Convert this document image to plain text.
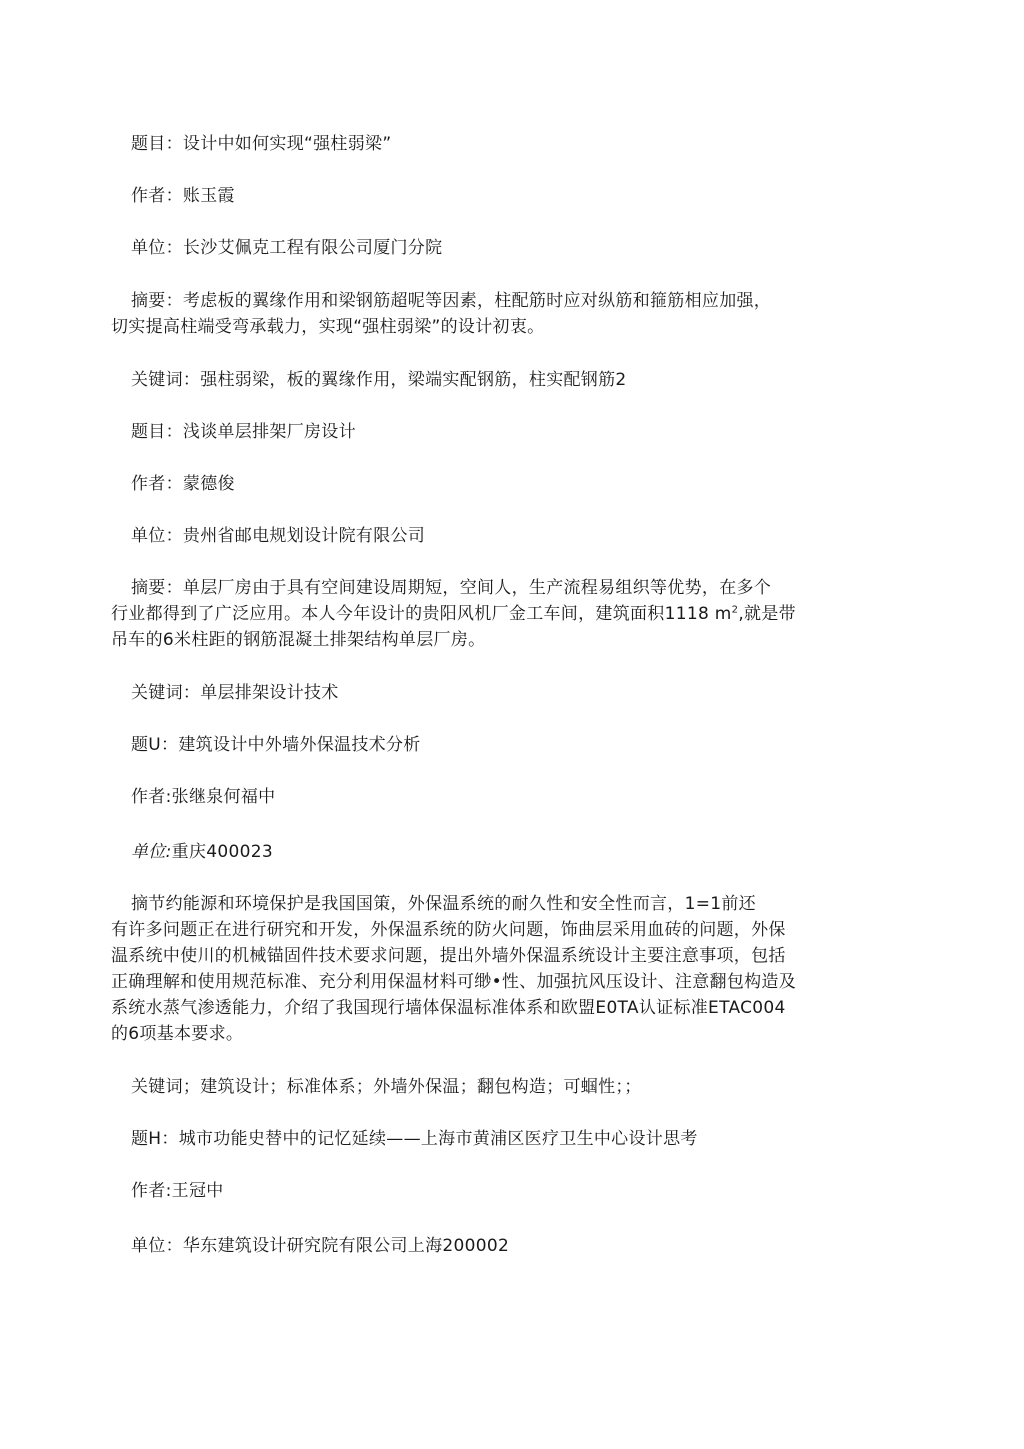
题目：设计中如何实现“强柱弱梁”
作者：账玉霞
单位：长沙艾佩克工程有限公司厦门分院
摘要：考虑板的翼缘作用和梁钢筋超呢等因素，柱配筋时应对纵筋和箍筋相应加强，
切实提高柱端受弯承载力，实现“强柱弱梁”的设计初衷。
关键词：强柱弱梁，板的翼缘作用，梁端实配钢筋，柱实配钢筋2
题目：浅谈单层排架厂房设计
作者：蒙德俊
单位：贵州省邮电规划设计院有限公司
摘要：单层厂房由于具有空间建设周期短，空间人，生产流程易组织等优势，在多个
行业都得到了广泛应用。本人今年设计的贵阳风机厂金工车间，建筑面积1118 $m^2$,就是带
吊车的6米柱距的钢筋混凝土排架结构单层厂房。
关键词：单层排架设计技术
题U：建筑设计中外墙外保温技术分析
作者:张继泉何福中
单位:重庆400023
摘节约能源和环境保护是我国国策，外保温系统的耐久性和安全性而言，1=1前还
有许多问题正在进行研究和开发，外保温系统的防火问题，饰曲层采用血砖的问题，外保
温系统中使川的机械锚固件技术要求问题，提出外墙外保温系统设计主要注意事项，包括
正确理解和使用规范标准、充分利用保温材料可缈•性、加强抗风压设计、注意翻包构造及
系统水蒸气渗透能力，介绍了我国现行墙体保温标准体系和欧盟E0TA认证标准ETAC004
的6项基本要求。
关键词；建筑设计；标准体系；外墙外保温；翻包构造；可蝈性；；
题H：城市功能史替中的记忆延续——上海市黄浦区医疗卫生中心设计思考
作者:王冠中
单位：华东建筑设计研究院有限公司上海200002
